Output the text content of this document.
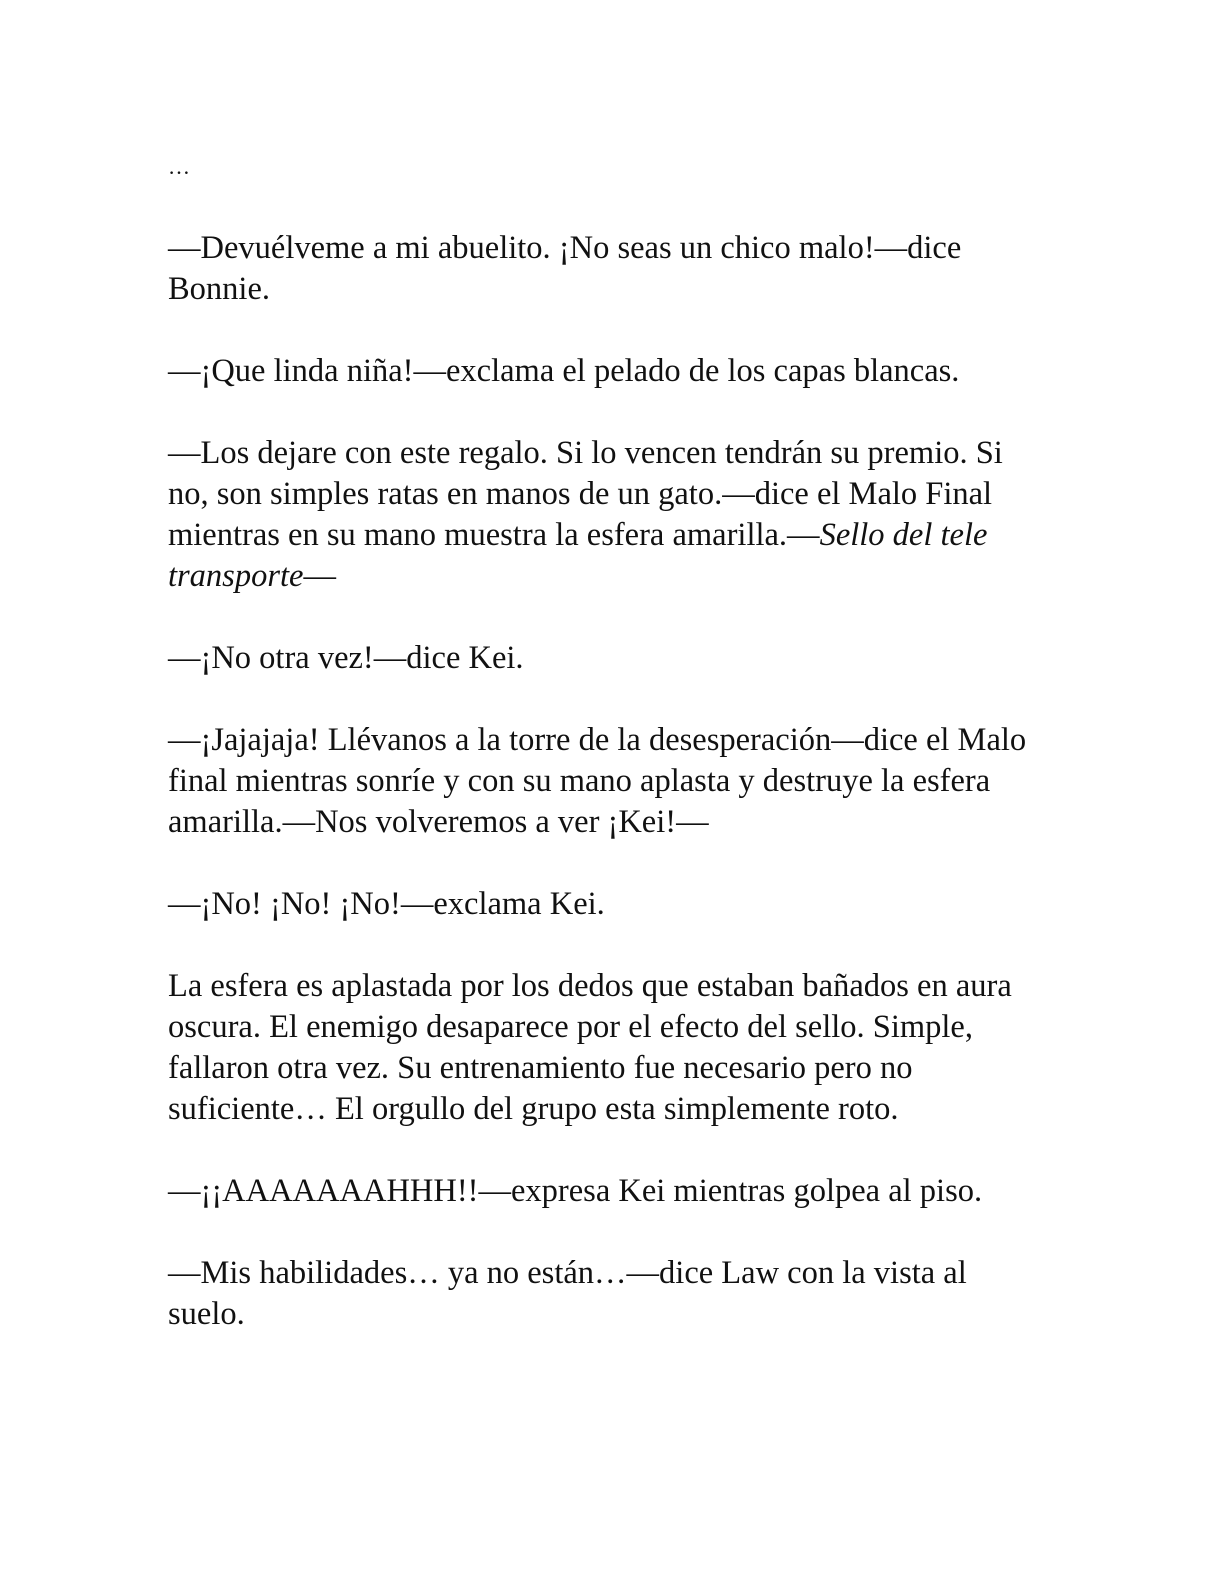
…

—Devuélveme a mi abuelito. ¡No seas un chico malo!—dice Bonnie.

—¡Que linda niña!—exclama el pelado de los capas blancas.

—Los dejare con este regalo. Si lo vencen tendrán su premio. Si no, son simples ratas en manos de un gato.—dice el Malo Final mientras en su mano muestra la esfera amarilla.—Sello del tele transporte—

—¡No otra vez!—dice Kei.

—¡Jajajaja! Llévanos a la torre de la desesperación—dice el Malo final mientras sonríe y con su mano aplasta y destruye la esfera amarilla.—Nos volveremos a ver ¡Kei!—

—¡No! ¡No! ¡No!—exclama Kei.

La esfera es aplastada por los dedos que estaban bañados en aura oscura. El enemigo desaparece por el efecto del sello. Simple, fallaron otra vez. Su entrenamiento fue necesario pero no suficiente… El orgullo del grupo esta simplemente roto.

—¡¡AAAAAAAHHH!!—expresa Kei mientras golpea al piso.

—Mis habilidades… ya no están…—dice Law con la vista al suelo.
